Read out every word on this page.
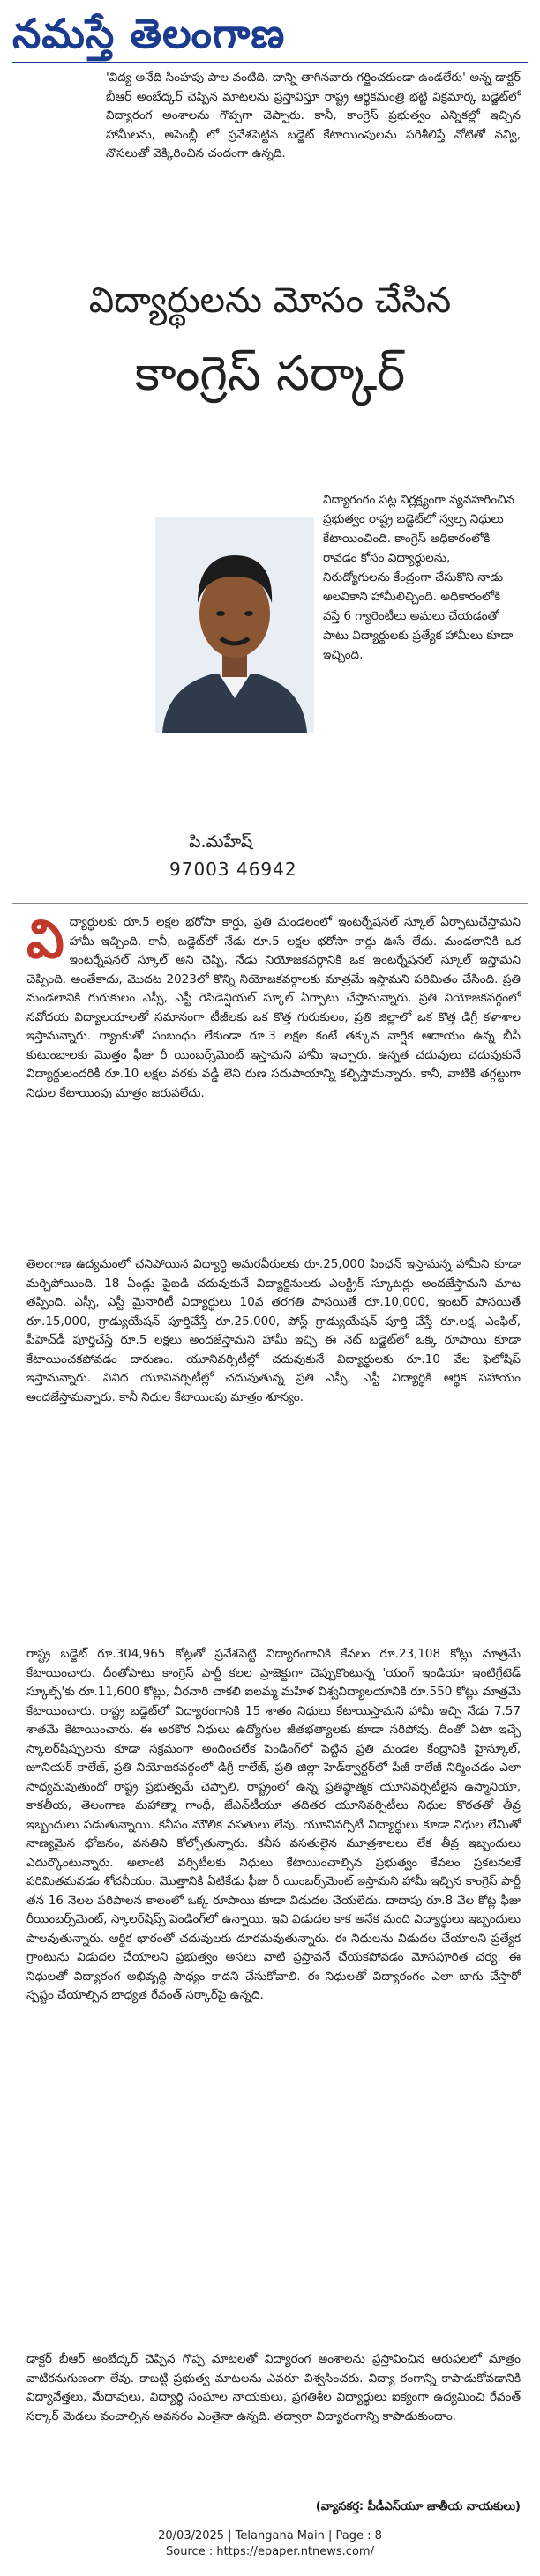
నమస్తే తెలంగాణ
'విద్య అనేది సింహపు పాల వంటిది. దాన్ని తాగినవారు గర్జించకుండా ఉండలేరు' అన్న డాక్టర్ బీఆర్ అంబేద్కర్ చెప్పిన మాటలను ప్రస్తావిస్తూ రాష్ట్ర ఆర్థికమంత్రి భట్టి విక్రమార్క బడ్జెట్‌లో విద్యారంగ అంశాలను గొప్పగా చెప్పారు. కానీ, కాంగ్రెస్ ప్రభుత్వం ఎన్నికల్లో ఇచ్చిన హామీలను, అసెంబ్లీ లో ప్రవేశపెట్టిన బడ్జెట్ కేటాయింపులను పరిశీలిస్తే నోటితో నవ్వి, నొసలుతో వెక్కిరించిన చందంగా ఉన్నది.
విద్యార్థులను మోసం చేసిన
కాంగ్రెస్ సర్కార్
పి.మహేష్
97003 46942
విద్యారంగం పట్ల నిర్లక్ష్యంగా వ్యవహరించిన ప్రభుత్వం రాష్ట్ర బడ్జెట్‌లో స్వల్ప నిధులు కేటాయించింది. కాంగ్రెస్ అధికారంలోకి రావడం కోసం విద్యార్థులను, నిరుద్యోగులను కేంద్రంగా చేసుకొని నాడు అలవికాని హామీలిచ్చింది. అధికారంలోకి వస్తే 6 గ్యారెంటీలు అమలు చేయడంతో పాటు విద్యార్థులకు ప్రత్యేక హామీలు కూడా ఇచ్చింది.
వి ద్యార్థులకు రూ.5 లక్షల భరోసా కార్డు, ప్రతి మండలంలో ఇంటర్నేషనల్ స్కూల్ ఏర్పాటుచేస్తామని హామీ ఇచ్చింది. కానీ, బడ్జెట్‌లో నేడు రూ.5 లక్షల భరోసా కార్డు ఊసే లేదు. మండలానికి ఒక ఇంటర్నేషనల్ స్కూల్ అని చెప్పి, నేడు నియోజకవర్గానికి ఒక ఇంటర్నేషనల్ స్కూల్ ఇస్తామని చెప్పింది. అంతేకాదు, మొదట 2023లో కొన్ని నియోజకవర్గాలకు మాత్రమే ఇస్తామని పరిమితం చేసింది. ప్రతి మండలానికి గురుకులం ఎస్సీ, ఎస్టీ రెసిడెన్షియల్ స్కూల్ ఏర్పాటు చేస్తామన్నారు. ప్రతి నియోజకవర్గంలో నవోదయ విద్యాలయాలతో సమానంగా టీజీలకు ఒక కొత్త గురుకులం, ప్రతి జిల్లాలో ఒక కొత్త డిగ్రీ కళాశాల ఇస్తామన్నారు. ర్యాంకుతో సంబంధం లేకుండా రూ.3 లక్షల కంటే తక్కువ వార్షిక ఆదాయం ఉన్న బీసీ కుటుంబాలకు మొత్తం ఫీజు రీ యింబర్స్‌మెంట్ ఇస్తామని హామీ ఇచ్చారు. ఉన్నత చదువులు చదువుకునే విద్యార్థులందరికీ రూ.10 లక్షల వరకు వడ్డీ లేని రుణ సదుపాయాన్ని కల్పిస్తామన్నారు. కానీ, వాటికి తగ్గట్టుగా నిధుల కేటాయింపు మాత్రం జరుపలేదు.
తెలంగాణ ఉద్యమంలో చనిపోయిన విద్యార్థి అమరవీరులకు రూ.25,000 పింఛన్ ఇస్తామన్న హామీని కూడా మర్చిపోయింది. 18 ఏండ్లు పైబడి చదువుకునే విద్యార్థినులకు ఎలక్ట్రిక్ స్కూటర్లు అందజేస్తామని మాట తప్పింది. ఎస్సీ, ఎస్టీ మైనారిటీ విద్యార్థులు 10వ తరగతి పాసయితే రూ.10,000, ఇంటర్ పాసయితే రూ.15,000, గ్రాడ్యుయేషన్ పూర్తిచేస్తే రూ.25,000, పోస్ట్ గ్రాడ్యుయేషన్ పూర్తి చేస్తే రూ.లక్ష, ఎంఫిల్, పీహెచ్‌డీ పూర్తిచేస్తే రూ.5 లక్షలు అందజేస్తామని హామీ ఇచ్చి ఈ నెట్ బడ్జెట్‌లో ఒక్క రూపాయి కూడా కేటాయించకపోవడం దారుణం. యూనివర్సిటీల్లో చదువుకునే విద్యార్థులకు రూ.10 వేల ఫెలోషిప్ ఇస్తామన్నారు. వివిధ యూనివర్సిటీల్లో చదువుతున్న ప్రతి ఎస్సీ, ఎస్టీ విద్యార్థికి ఆర్థిక సహాయం అందజేస్తామన్నారు. కానీ నిధుల కేటాయింపు మాత్రం శూన్యం.
రాష్ట్ర బడ్జెట్ రూ.304,965 కోట్లతో ప్రవేశపెట్టి విద్యారంగానికి కేవలం రూ.23,108 కోట్లు మాత్రమే కేటాయించారు. దీంతోపాటు కాంగ్రెస్ పార్టీ కలల ప్రాజెక్టుగా చెప్పుకొంటున్న 'యంగ్ ఇండియా ఇంటిగ్రేటెడ్ స్కూల్స్'కు రూ.11,600 కోట్లు, వీరనారి చాకలి ఐలమ్మ మహిళ విశ్వవిద్యాలయానికి రూ.550 కోట్లు మాత్రమే కేటాయించారు. రాష్ట్ర బడ్జెట్‌లో విద్యారంగానికి 15 శాతం నిధులు కేటాయిస్తామని హామీ ఇచ్చి నేడు 7.57 శాతమే కేటాయించారు. ఈ అరకొర నిధులు ఉద్యోగుల జీతభత్యాలకు కూడా సరిపోవు. దీంతో ఏటా ఇచ్చే స్కాలర్‌షిప్పులను కూడా సక్రమంగా అందించలేక పెండింగ్‌లో పెట్టిన ప్రతి మండల కేంద్రానికి హైస్కూల్, జూనియర్ కాలేజ్, ప్రతి నియోజకవర్గంలో డిగ్రీ కాలేజ్, ప్రతి జిల్లా హెడ్‌క్వార్టర్‌లో పీజీ కాలేజీ నిర్మించడం ఎలా సాధ్యమవుతుందో రాష్ట్ర ప్రభుత్వమే చెప్పాలి. రాష్ట్రంలో ఉన్న ప్రతిష్ఠాత్మక యూనివర్సిటీలైన ఉస్మానియా, కాకతీయ, తెలంగాణ మహాత్మా గాంధీ, జేఎన్‌టీయూ తదితర యూనివర్సిటీలు నిధుల కొరతతో తీవ్ర ఇబ్బందులు పడుతున్నాయి. కనీసం మౌలిక వసతులు లేవు. యూనివర్సిటీ విద్యార్థులు కూడా నిధుల లేమితో నాణ్యమైన భోజనం, వసతిని కోల్పోతున్నారు. కనీస వసతులైన మూత్రశాలలు లేక తీవ్ర ఇబ్బందులు ఎదుర్కొంటున్నారు. అలాంటి వర్సిటీలకు నిధులు కేటాయించాల్సిన ప్రభుత్వం కేవలం ప్రకటనలకే పరిమితమవడం శోచనీయం. మొత్తానికి ఏటికేడు ఫీజు రీ యింబర్స్‌మెంట్ ఇస్తామని హామీ ఇచ్చిన కాంగ్రెస్ పార్టీ తన 16 నెలల పరిపాలన కాలంలో ఒక్క రూపాయి కూడా విడుదల చేయలేదు. దాదాపు రూ.8 వేల కోట్ల ఫీజు రీయింబర్స్‌మెంట్, స్కాలర్‌షిప్స్ పెండింగ్‌లో ఉన్నాయి. ఇవి విడుదల కాక అనేక మంది విద్యార్థులు ఇబ్బందులు పాలవుతున్నారు. ఆర్థిక భారంతో చదువులకు దూరమవుతున్నారు. ఈ నిధులను విడుదల చేయాలని ప్రత్యేక గ్రాంటును విడుదల చేయాలని ప్రభుత్వం అసలు వాటి ప్రస్తావనే చేయకపోవడం మోసపూరిత చర్య. ఈ నిధులతో విద్యారంగ అభివృద్ధి సాధ్యం కాదని చేసుకోవాలి. ఈ నిధులతో విద్యారంగం ఎలా బాగు చేస్తారో స్పష్టం చేయాల్సిన బాధ్యత రేవంత్ సర్కార్‌పై ఉన్నది.
డాక్టర్ బీఆర్ అంబేద్కర్ చెప్పిన గొప్ప మాటలతో విద్యారంగ అంశాలను ప్రస్తావించిన ఆరుపలలో మాత్రం వాటికనుగుణంగా లేవు. కాబట్టి ప్రభుత్వ మాటలను ఎవరూ విశ్వసించరు. విద్యా రంగాన్ని కాపాడుకోవడానికి విద్యావేత్తలు, మేధావులు, విద్యార్థి సంఘాల నాయకులు, ప్రగతిశీల విద్యార్థులు ఐక్యంగా ఉద్యమించి రేవంత్ సర్కార్ మెడలు వంచాల్సిన అవసరం ఎంతైనా ఉన్నది. తద్వారా విద్యారంగాన్ని కాపాడుకుందాం.
(వ్యాసకర్త: పీడీఎస్‌యూ జాతీయ నాయకులు)
20/03/2025 | Telangana Main | Page : 8
Source : https://epaper.ntnews.com/
